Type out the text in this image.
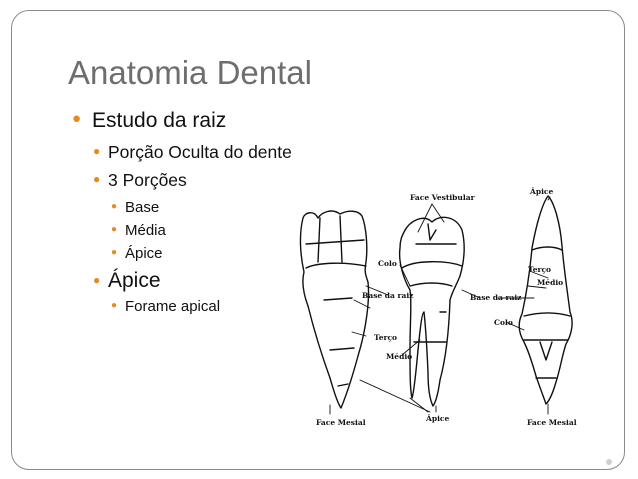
Anatomia Dental
● Estudo da raiz
● Porção Oculta do dente
● 3 Porções
● Base
● Média
● Ápice
● Ápice
● Forame apical
Face Vestibular
Ápice
Colo
Terço
Médio
Base da raiz	Base da raiz
Colo
Terço
Médio
Face Mesial	Ápice	Face Mesial
